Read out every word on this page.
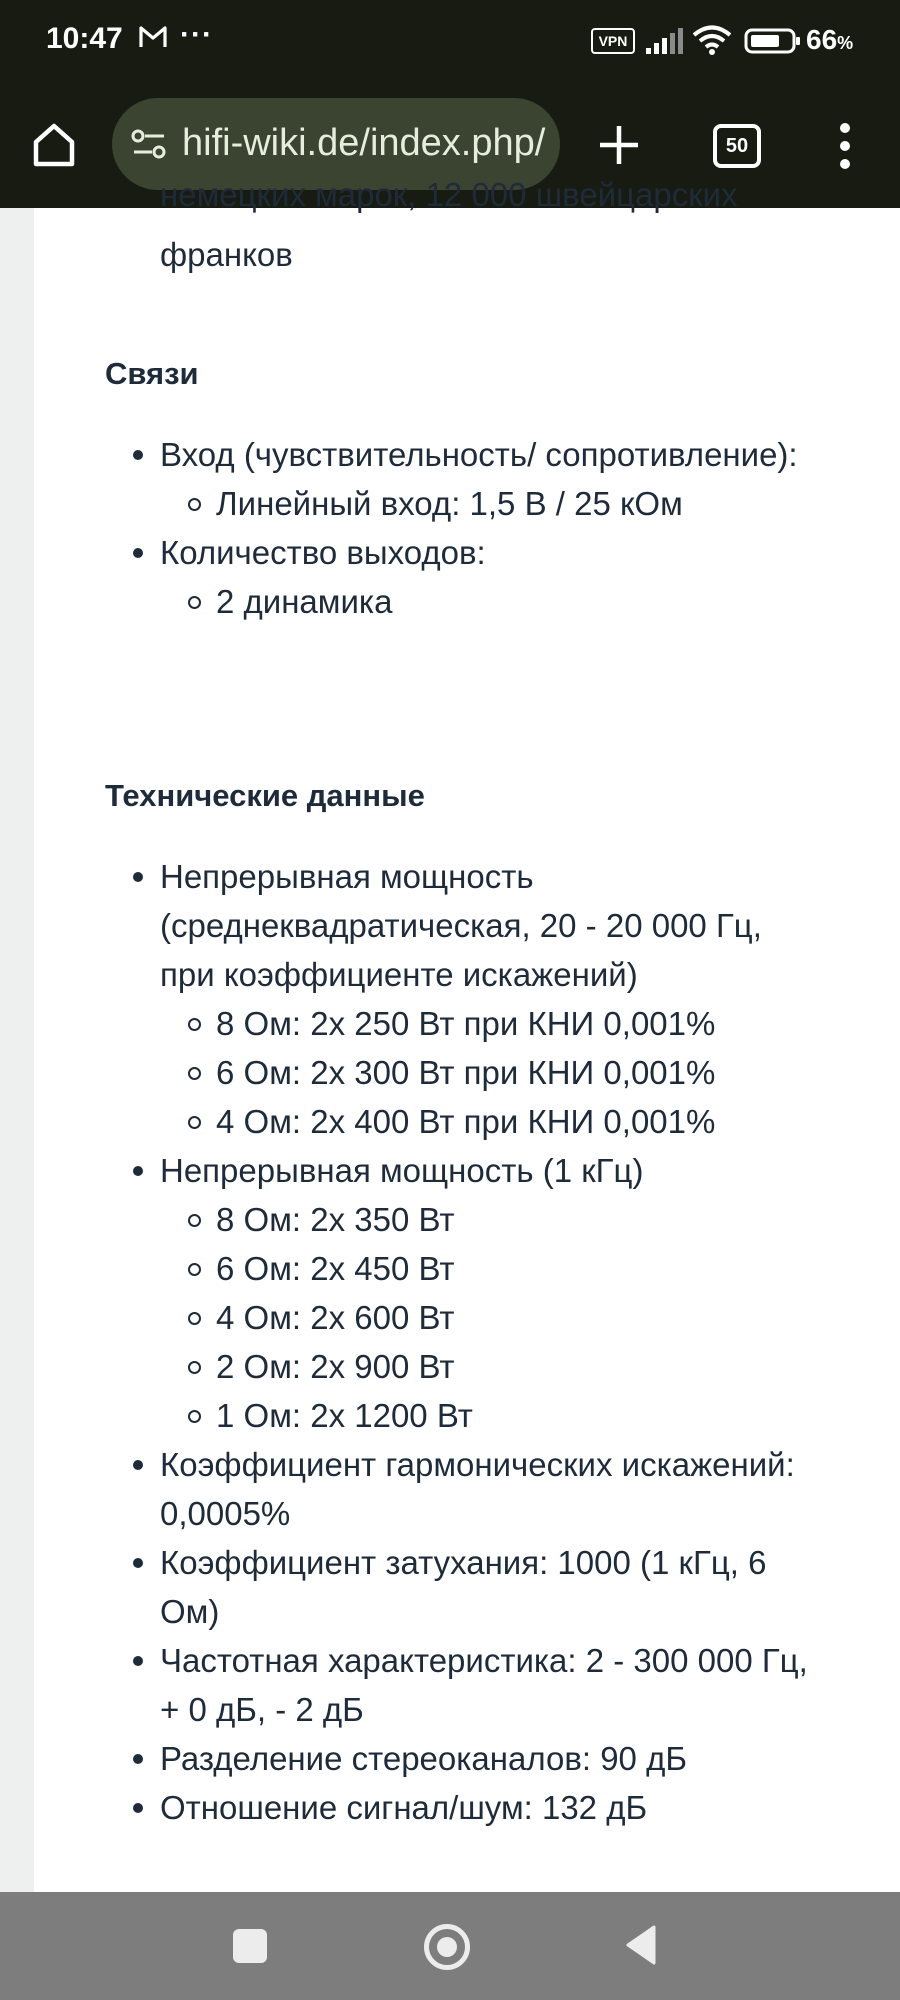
10:47 ···	VPN	66%
hifi-wiki.de/index.php/	50
немецких марок, 12 000 швейцарских
франков
Связи
Вход (чувствительность/ сопротивление):
Линейный вход: 1,5 В / 25 кОм
Количество выходов:
2 динамика
Технические данные
Непрерывная мощность (среднеквадратическая, 20 - 20 000 Гц, при коэффициенте искажений)
8 Ом: 2x 250 Вт при КНИ 0,001%
6 Ом: 2x 300 Вт при КНИ 0,001%
4 Ом: 2x 400 Вт при КНИ 0,001%
Непрерывная мощность (1 кГц)
8 Ом: 2x 350 Вт
6 Ом: 2x 450 Вт
4 Ом: 2x 600 Вт
2 Ом: 2x 900 Вт
1 Ом: 2x 1200 Вт
Коэффициент гармонических искажений: 0,0005%
Коэффициент затухания: 1000 (1 кГц, 6 Ом)
Частотная характеристика: 2 - 300 000 Гц, + 0 дБ, - 2 дБ
Разделение стереоканалов: 90 дБ
Отношение сигнал/шум: 132 дБ
